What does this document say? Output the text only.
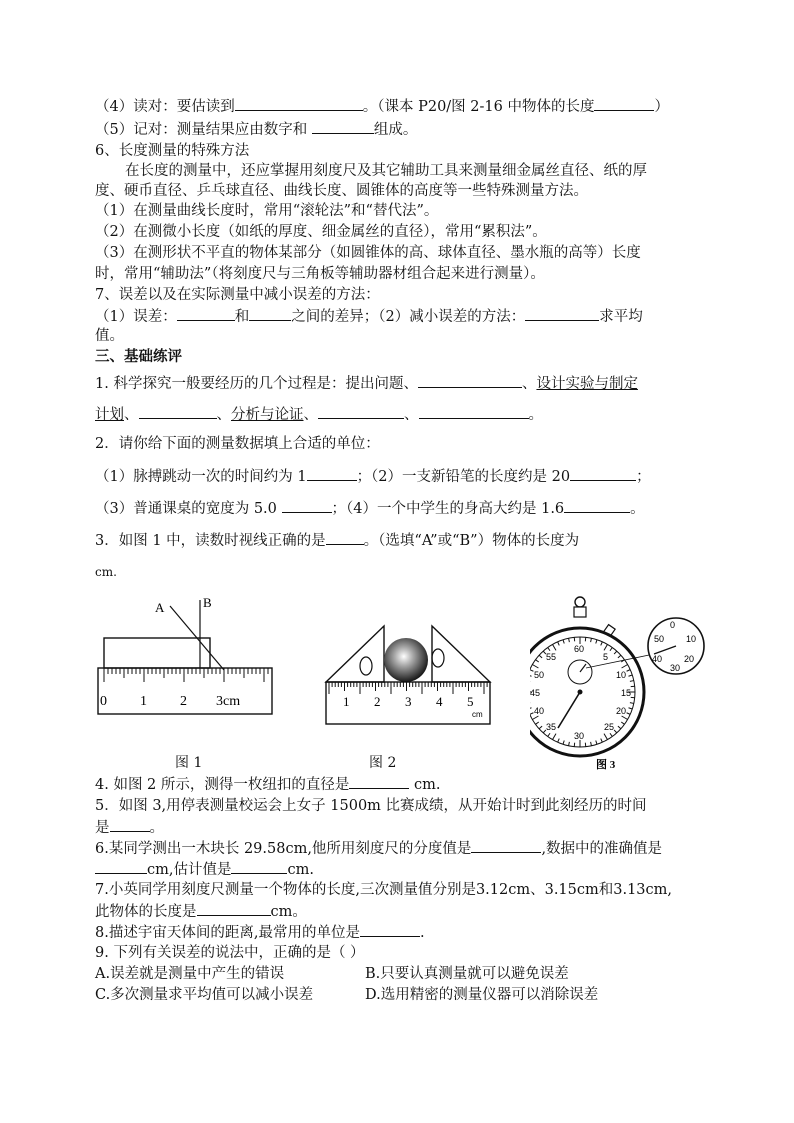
（4）读对：要估读到	。（课本 P20/图 2-16 中物体的长度	）
（5）记对：测量结果应由数字和	组成。
6、长度测量的特殊方法
在长度的测量中，还应掌握用刻度尺及其它辅助工具来测量细金属丝直径、纸的厚
度、硬币直径、乒乓球直径、曲线长度、圆锥体的高度等一些特殊测量方法。
（1）在测量曲线长度时，常用“滚轮法”和“替代法”。
（2）在测微小长度（如纸的厚度、细金属丝的直径），常用“累积法”。
（3）在测形状不平直的物体某部分（如圆锥体的高、球体直径、墨水瓶的高等）长度
时，常用“辅助法”（将刻度尺与三角板等辅助器材组合起来进行测量）。
7、误差以及在实际测量中减小误差的方法：
（1）误差：	和	之间的差异；（2）减小误差的方法：	求平均
值。
三、基础练评
1. 科学探究一般要经历的几个过程是：提出问题、	、设计实验与制定
计划、	、分析与论证、	、	。
2．请你给下面的测量数据填上合适的单位：
（1）脉搏跳动一次的时间约为 1	；（2）一支新铅笔的长度约是 20	；
（3）普通课桌的宽度为 5.0	；（4）一个中学生的身高大约是 1.6	。
3．如图 1 中，读数时视线正确的是	。（选填“A”或“B”）物体的长度为
cm.
A	B
0 1 2 3cm
图 1
1 2 3 4 5
cm
图 2
60
5
10
15
20
25
30
35
40
45
50
55
0
10
20
30
40
50
图 3
4. 如图 2 所示，测得一枚纽扣的直径是	cm.
5．如图 3,用停表测量校运会上女子 1500m 比赛成绩，从开始计时到此刻经历的时间
是	。
6.某同学测出一木块长 29.58cm,他所用刻度尺的分度值是	,数据中的准确值是
cm,估计值是	cm.
7.小英同学用刻度尺测量一个物体的长度,三次测量值分别是3.12cm、3.15cm和3.13cm,
此物体的长度是	cm。
8.描述宇宙天体间的距离,最常用的单位是	.
9. 下列有关误差的说法中，正确的是（ ）
A.误差就是测量中产生的错误	B.只要认真测量就可以避免误差
C.多次测量求平均值可以减小误差	D.选用精密的测量仪器可以消除误差
